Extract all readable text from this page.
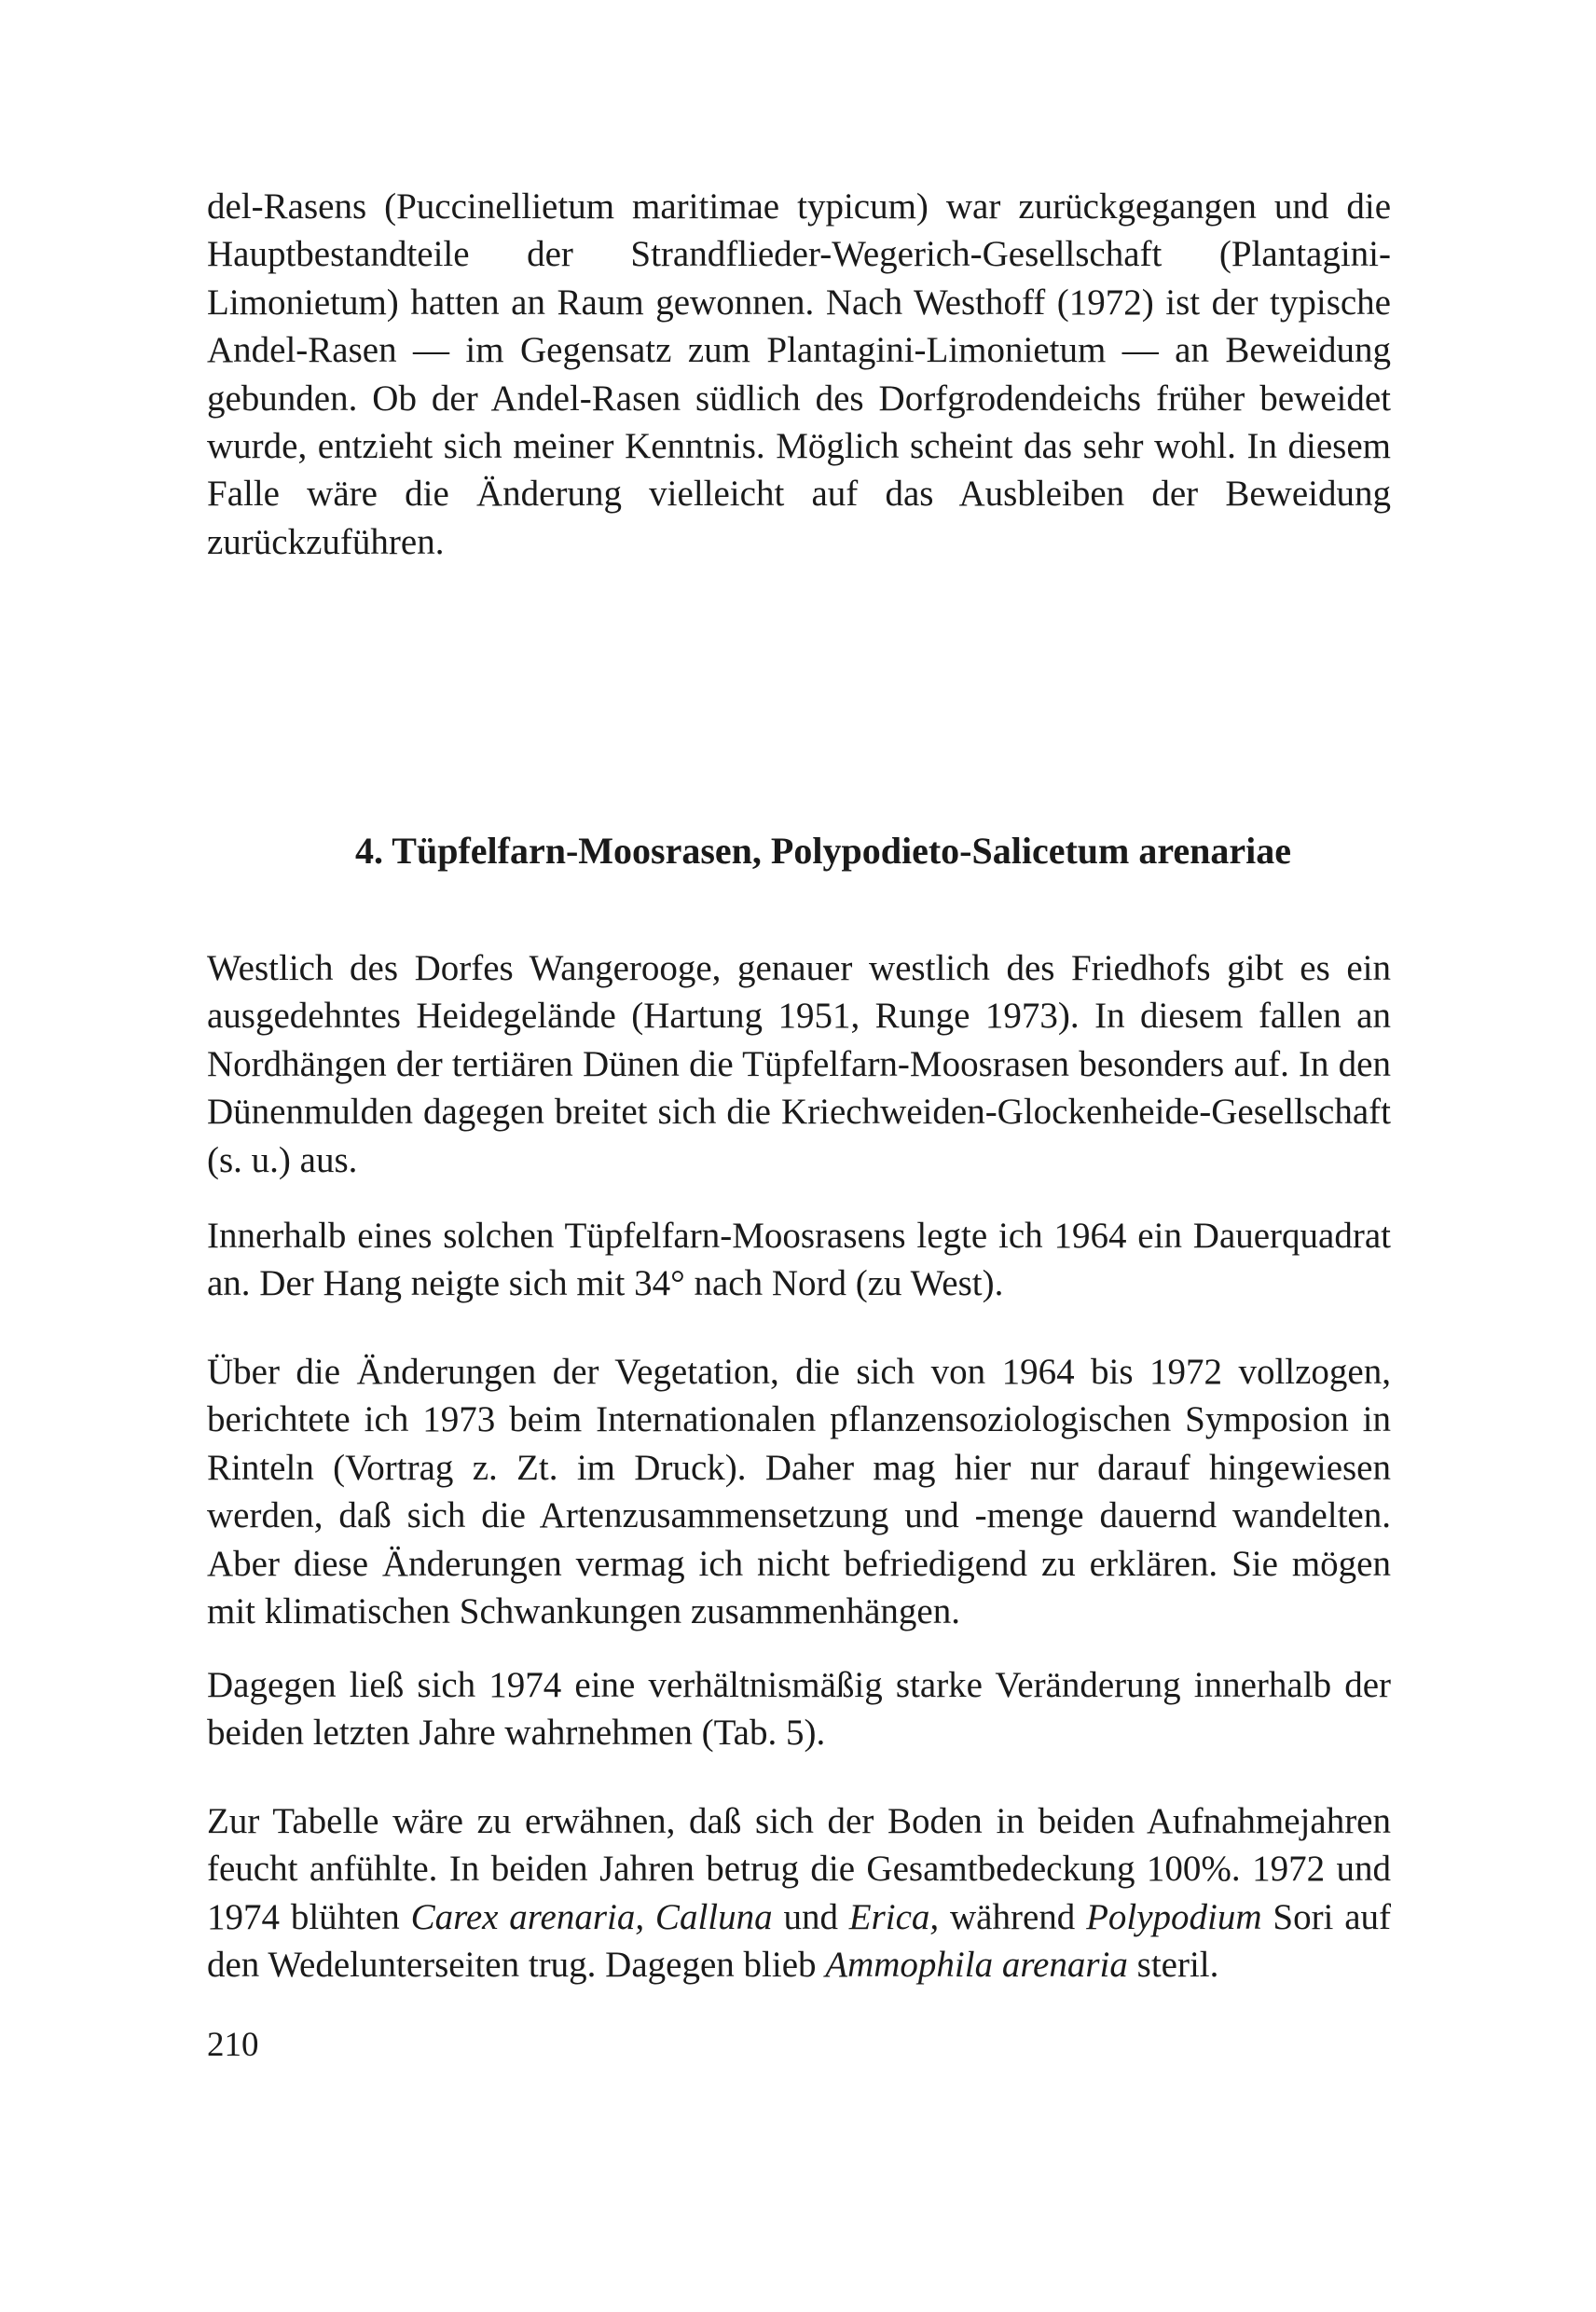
del-Rasens (Puccinellietum maritimae typicum) war zurückgegangen und die Hauptbestandteile der Strandflieder-Wegerich-Gesellschaft (Plantagini-Limonietum) hatten an Raum gewonnen. Nach Westhoff (1972) ist der typische Andel-Rasen — im Gegensatz zum Plantagini-Limonietum — an Beweidung gebunden. Ob der Andel-Rasen südlich des Dorfgrodendeichs früher beweidet wurde, entzieht sich meiner Kenntnis. Möglich scheint das sehr wohl. In diesem Falle wäre die Änderung vielleicht auf das Ausbleiben der Beweidung zurückzuführen.

4. Tüpfelfarn-Moosrasen, Polypodieto-Salicetum arenariae

Westlich des Dorfes Wangerooge, genauer westlich des Friedhofs gibt es ein ausgedehntes Heidegelände (Hartung 1951, Runge 1973). In diesem fallen an Nordhängen der tertiären Dünen die Tüpfelfarn-Moosrasen besonders auf. In den Dünenmulden dagegen breitet sich die Kriechweiden-Glockenheide-Gesellschaft (s. u.) aus.

Innerhalb eines solchen Tüpfelfarn-Moosrasens legte ich 1964 ein Dauerquadrat an. Der Hang neigte sich mit 34° nach Nord (zu West).

Über die Änderungen der Vegetation, die sich von 1964 bis 1972 vollzogen, berichtete ich 1973 beim Internationalen pflanzensoziologischen Symposion in Rinteln (Vortrag z. Zt. im Druck). Daher mag hier nur darauf hingewiesen werden, daß sich die Artenzusammensetzung und -menge dauernd wandelten. Aber diese Änderungen vermag ich nicht befriedigend zu erklären. Sie mögen mit klimatischen Schwankungen zusammenhängen.

Dagegen ließ sich 1974 eine verhältnismäßig starke Veränderung innerhalb der beiden letzten Jahre wahrnehmen (Tab. 5).

Zur Tabelle wäre zu erwähnen, daß sich der Boden in beiden Aufnahmejahren feucht anfühlte. In beiden Jahren betrug die Gesamtbedeckung 100%. 1972 und 1974 blühten Carex arenaria, Calluna und Erica, während Polypodium Sori auf den Wedelunterseiten trug. Dagegen blieb Ammophila arenaria steril.

210
